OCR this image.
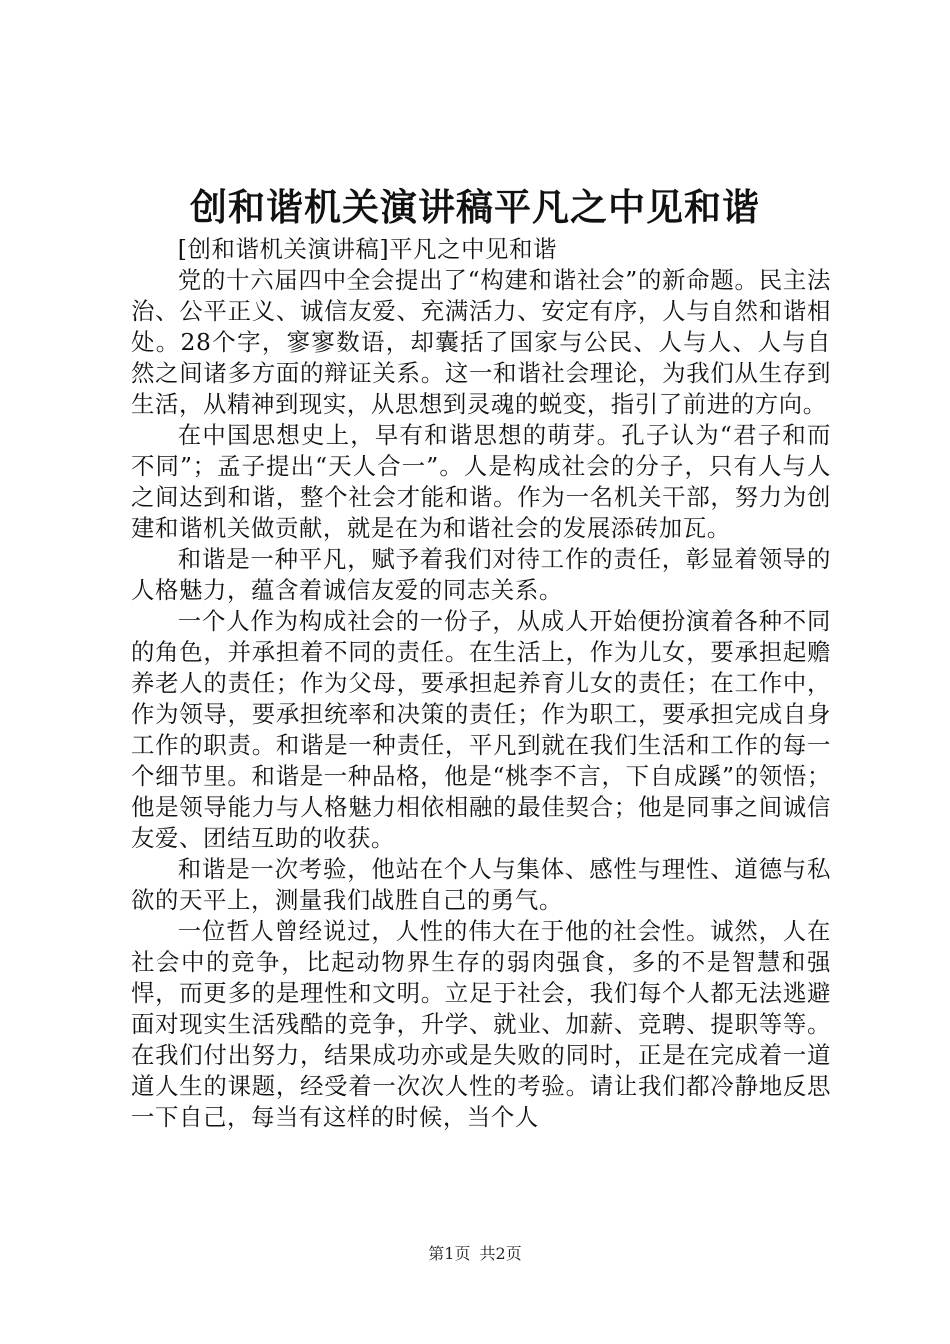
创和谐机关演讲稿平凡之中见和谐

[创和谐机关演讲稿]平凡之中见和谐

党的十六届四中全会提出了“构建和谐社会”的新命题。民主法治、公平正义、诚信友爱、充满活力、安定有序，人与自然和谐相处。28个字，寥寥数语，却囊括了国家与公民、人与人、人与自然之间诸多方面的辩证关系。这一和谐社会理论，为我们从生存到生活，从精神到现实，从思想到灵魂的蜕变，指引了前进的方向。

在中国思想史上，早有和谐思想的萌芽。孔子认为“君子和而不同”；孟子提出“天人合一”。人是构成社会的分子，只有人与人之间达到和谐，整个社会才能和谐。作为一名机关干部，努力为创建和谐机关做贡献，就是在为和谐社会的发展添砖加瓦。

和谐是一种平凡，赋予着我们对待工作的责任，彰显着领导的人格魅力，蕴含着诚信友爱的同志关系。

一个人作为构成社会的一份子，从成人开始便扮演着各种不同的角色，并承担着不同的责任。在生活上，作为儿女，要承担起赡养老人的责任；作为父母，要承担起养育儿女的责任；在工作中，作为领导，要承担统率和决策的责任；作为职工，要承担完成自身工作的职责。和谐是一种责任，平凡到就在我们生活和工作的每一个细节里。和谐是一种品格，他是“桃李不言，下自成蹊”的领悟；他是领导能力与人格魅力相依相融的最佳契合；他是同事之间诚信友爱、团结互助的收获。

和谐是一次考验，他站在个人与集体、感性与理性、道德与私欲的天平上，测量我们战胜自己的勇气。

一位哲人曾经说过，人性的伟大在于他的社会性。诚然，人在社会中的竞争，比起动物界生存的弱肉强食，多的不是智慧和强悍，而更多的是理性和文明。立足于社会，我们每个人都无法逃避面对现实生活残酷的竞争，升学、就业、加薪、竞聘、提职等等。在我们付出努力，结果成功亦或是失败的同时，正是在完成着一道道人生的课题，经受着一次次人性的考验。请让我们都冷静地反思一下自己，每当有这样的时候，当个人

第1页 共2页
